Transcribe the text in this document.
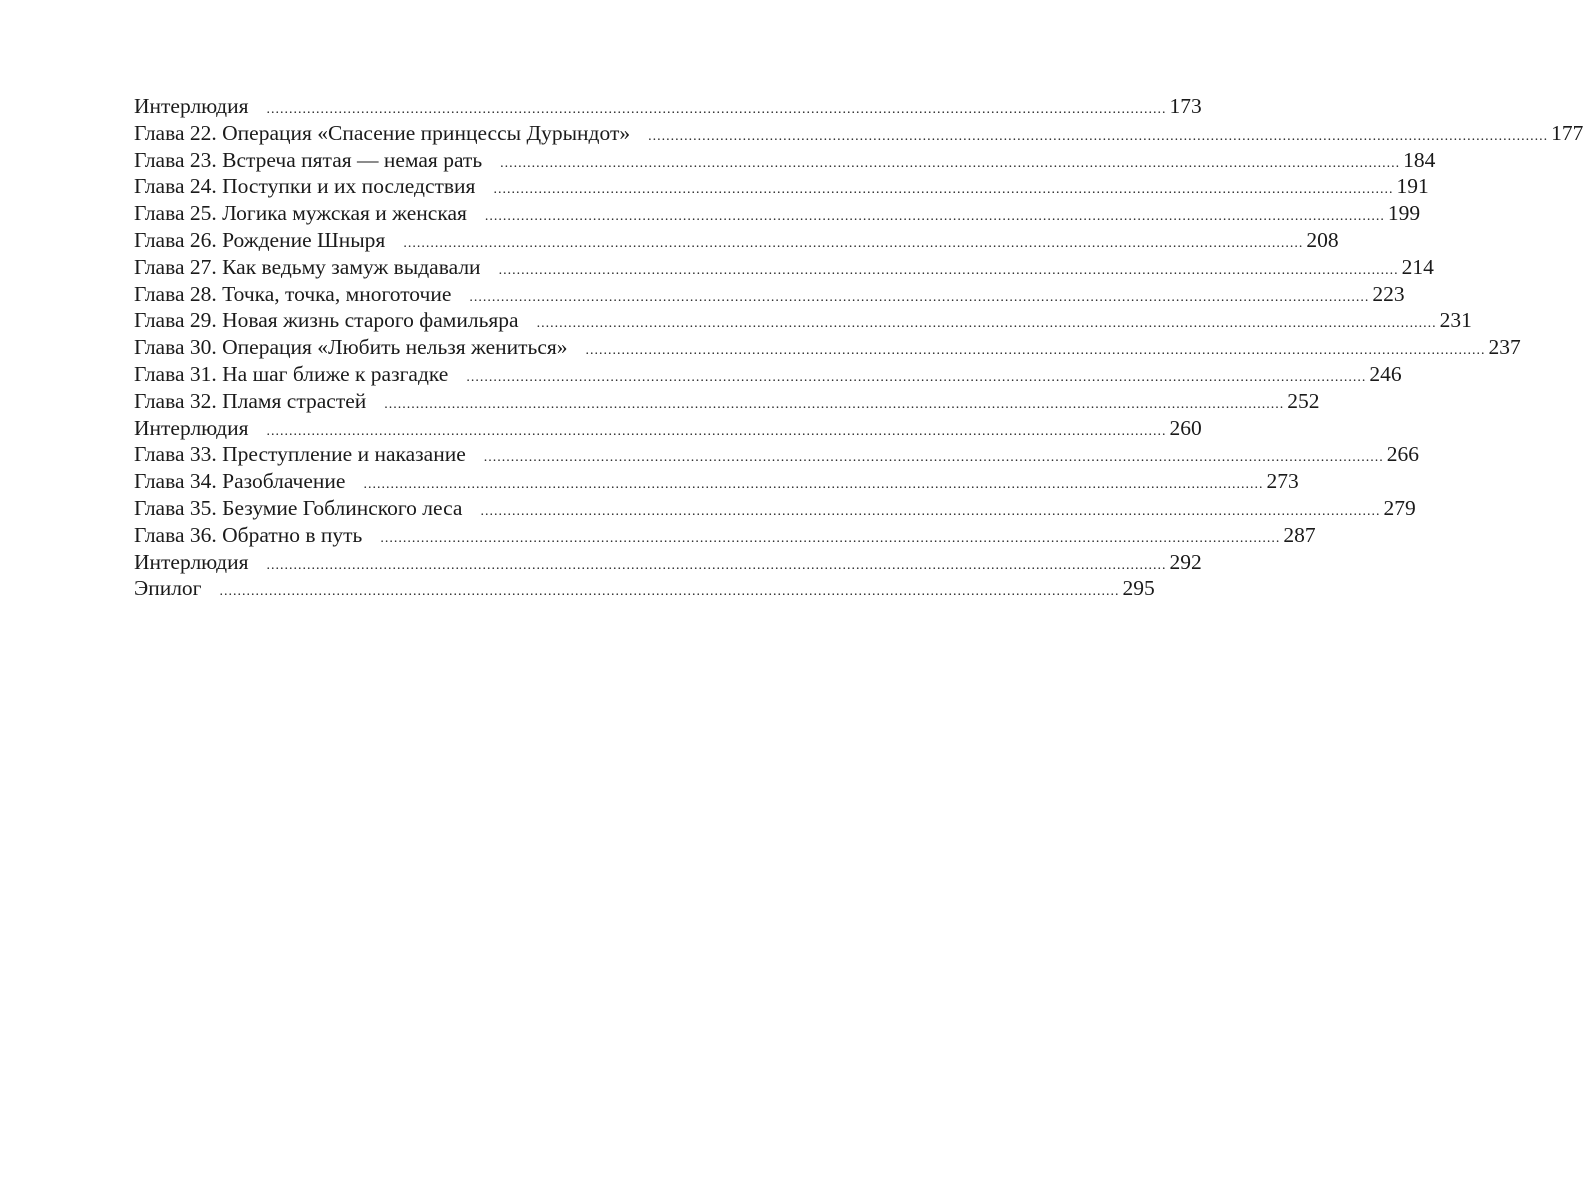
Интерлюдия	........................................................................................................................................................................................................ 173
Глава 22. Операция «Спасение принцессы Дурындот»	........................................................................................................................................................................................................ 177
Глава 23. Встреча пятая — немая рать	........................................................................................................................................................................................................ 184
Глава 24. Поступки и их последствия	........................................................................................................................................................................................................ 191
Глава 25. Логика мужская и женская	........................................................................................................................................................................................................ 199
Глава 26. Рождение Шныря	........................................................................................................................................................................................................ 208
Глава 27. Как ведьму замуж выдавали	........................................................................................................................................................................................................ 214
Глава 28. Точка, точка, многоточие	........................................................................................................................................................................................................ 223
Глава 29. Новая жизнь старого фамильяра	........................................................................................................................................................................................................ 231
Глава 30. Операция «Любить нельзя жениться»	........................................................................................................................................................................................................ 237
Глава 31. На шаг ближе к разгадке	........................................................................................................................................................................................................ 246
Глава 32. Пламя страстей	........................................................................................................................................................................................................ 252
Интерлюдия	........................................................................................................................................................................................................ 260
Глава 33. Преступление и наказание	........................................................................................................................................................................................................ 266
Глава 34. Разоблачение	........................................................................................................................................................................................................ 273
Глава 35. Безумие Гоблинского леса	........................................................................................................................................................................................................ 279
Глава 36. Обратно в путь	........................................................................................................................................................................................................ 287
Интерлюдия	........................................................................................................................................................................................................ 292
Эпилог	........................................................................................................................................................................................................ 295
